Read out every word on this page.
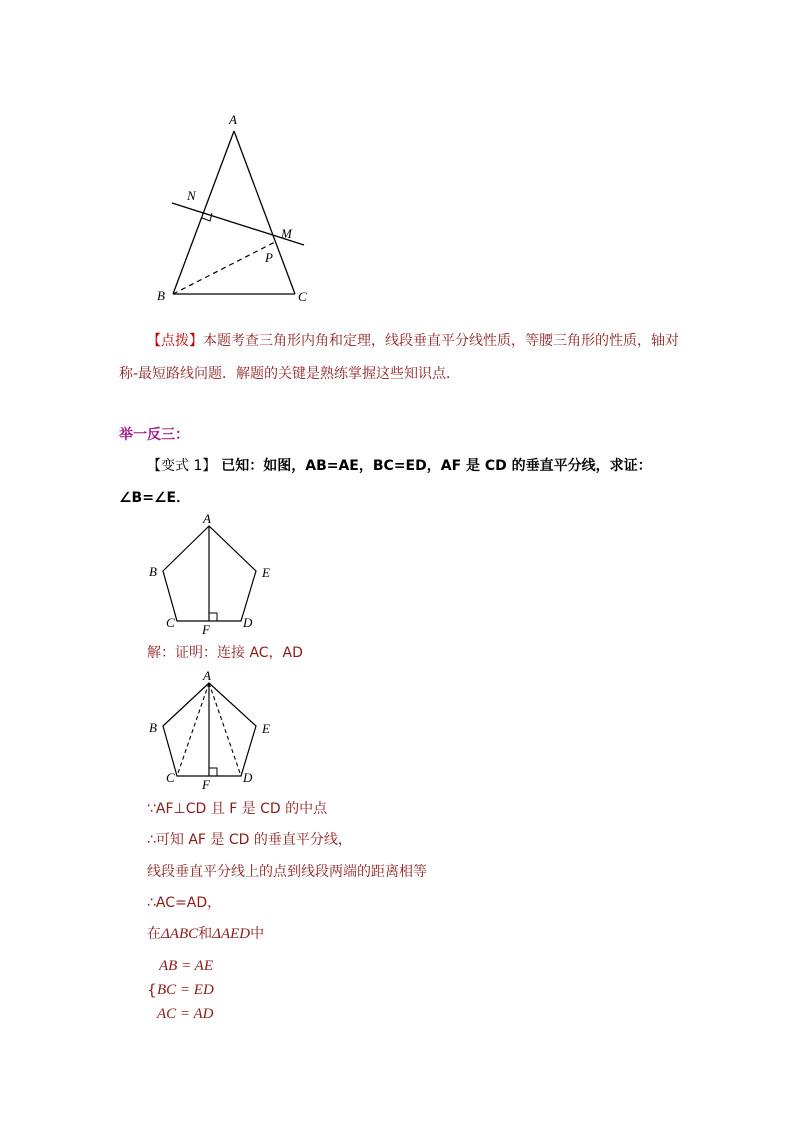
A
N
M
P
B	C
A
B	E
C F	D
A
B	E
C F	D
【点拨】本题考查三角形内角和定理，线段垂直平分线性质，等腰三角形的性质，轴对
称-最短路线问题．解题的关键是熟练掌握这些知识点．
举一反三：
【变式 1】 已知：如图，AB=AE，BC=ED，AF 是 CD 的垂直平分线，求证：
∠B=∠E．
解：证明：连接 AC，AD
∵AF⊥CD 且 F 是 CD 的中点
∴可知 AF 是 CD 的垂直平分线，
线段垂直平分线上的点到线段两端的距离相等
∴AC=AD，
在ΔABC和ΔAED中
AB = AE
{ BC = ED
AC = AD
